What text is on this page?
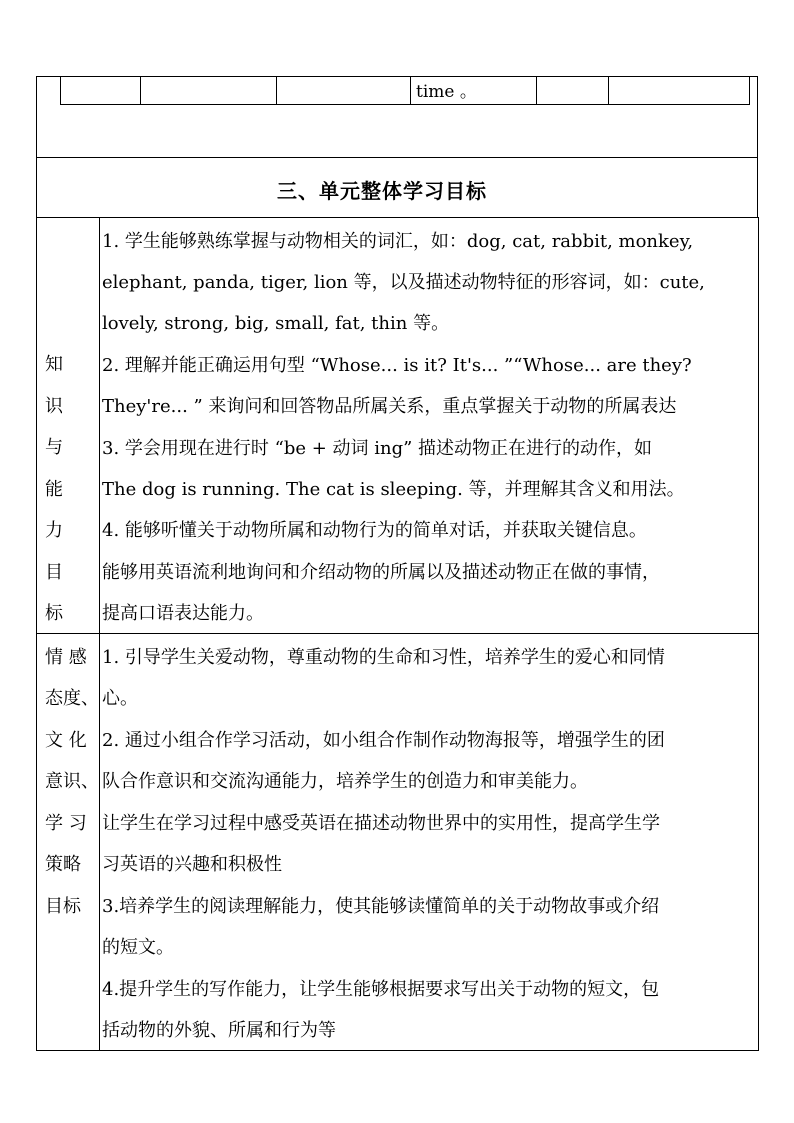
time 。
三、单元整体学习目标
知
识
与
能
力
目
标
1. 学生能够熟练掌握与动物相关的词汇，如：dog, cat, rabbit, monkey,
elephant, panda, tiger, lion 等，以及描述动物特征的形容词，如：cute,
lovely, strong, big, small, fat, thin 等。
2. 理解并能正确运用句型 “Whose... is it? It's... ”“Whose... are they?
They're... ” 来询问和回答物品所属关系，重点掌握关于动物的所属表达
3. 学会用现在进行时 “be + 动词 ing” 描述动物正在进行的动作，如
The dog is running. The cat is sleeping. 等，并理解其含义和用法。
4. 能够听懂关于动物所属和动物行为的简单对话，并获取关键信息。
能够用英语流利地询问和介绍动物的所属以及描述动物正在做的事情，
提高口语表达能力。
情 感
态度、
文 化
意识、
学 习
策略
目标
1. 引导学生关爱动物，尊重动物的生命和习性，培养学生的爱心和同情
心。
2. 通过小组合作学习活动，如小组合作制作动物海报等，增强学生的团
队合作意识和交流沟通能力，培养学生的创造力和审美能力。
让学生在学习过程中感受英语在描述动物世界中的实用性，提高学生学
习英语的兴趣和积极性
3.培养学生的阅读理解能力，使其能够读懂简单的关于动物故事或介绍
的短文。
4.提升学生的写作能力，让学生能够根据要求写出关于动物的短文，包
括动物的外貌、所属和行为等
